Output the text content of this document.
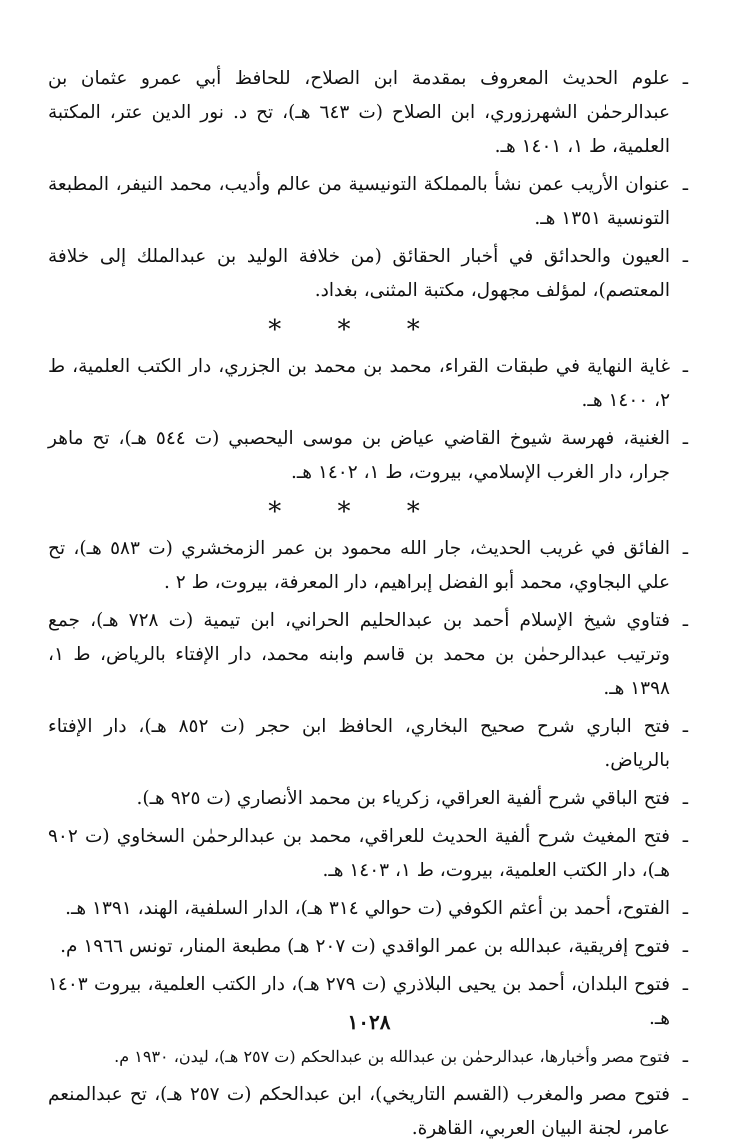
ـ
علوم الحديث المعروف بمقدمة ابن الصلاح، للحافظ أبي عمرو عثمان بن عبدالرحمٰن الشهرزوري، ابن الصلاح (ت ٦٤٣ هـ)، تح د. نور الدين عتر، المكتبة العلمية، ط ١، ١٤٠١ هـ.
ـ
عنوان الأريب عمن نشأ بالمملكة التونيسية من عالم وأديب، محمد النيفر، المطبعة التونسية ١٣٥١ هـ.
ـ
العيون والحدائق في أخبار الحقائق (من خلافة الوليد بن عبدالملك إلى خلافة المعتصم)، لمؤلف مجهول، مكتبة المثنى، بغداد.
* * *
ـ
غاية النهاية في طبقات القراء، محمد بن محمد بن الجزري، دار الكتب العلمية، ط ٢، ١٤٠٠ هـ.
ـ
الغنية، فهرسة شيوخ القاضي عياض بن موسى اليحصبي (ت ٥٤٤ هـ)، تح ماهر جرار، دار الغرب الإسلامي، بيروت، ط ١، ١٤٠٢ هـ.
* * *
ـ
الفائق في غريب الحديث، جار الله محمود بن عمر الزمخشري (ت ٥٨٣ هـ)، تح علي البجاوي، محمد أبو الفضل إبراهيم، دار المعرفة، بيروت، ط ٢ .
ـ
فتاوي شيخ الإسلام أحمد بن عبدالحليم الحراني، ابن تيمية (ت ٧٢٨ هـ)، جمع وترتيب عبدالرحمٰن بن محمد بن قاسم وابنه محمد، دار الإفتاء بالرياض، ط ١، ١٣٩٨ هـ.
ـ
فتح الباري شرح صحيح البخاري، الحافظ ابن حجر (ت ٨٥٢ هـ)، دار الإفتاء بالرياض.
ـ
فتح الباقي شرح ألفية العراقي، زكرياء بن محمد الأنصاري (ت ٩٢٥ هـ).
ـ
فتح المغيث شرح ألفية الحديث للعراقي، محمد بن عبدالرحمٰن السخاوي (ت ٩٠٢ هـ)، دار الكتب العلمية، بيروت، ط ١، ١٤٠٣ هـ.
ـ
الفتوح، أحمد بن أعثم الكوفي (ت حوالي ٣١٤ هـ)، الدار السلفية، الهند، ١٣٩١ هـ.
ـ
فتوح إفريقية، عبدالله بن عمر الواقدي (ت ٢٠٧ هـ) مطبعة المنار، تونس ١٩٦٦ م.
ـ
فتوح البلدان، أحمد بن يحيى البلاذري (ت ٢٧٩ هـ)، دار الكتب العلمية، بيروت ١٤٠٣ هـ.
ـ
فتوح مصر وأخبارها، عبدالرحمٰن بن عبدالله بن عبدالحكم (ت ٢٥٧ هـ)، ليدن، ١٩٣٠ م.
ـ
فتوح مصر والمغرب (القسم التاريخي)، ابن عبدالحكم (ت ٢٥٧ هـ)، تح عبدالمنعم عامر، لجنة البيان العربي، القاهرة.
١٠٢٨
